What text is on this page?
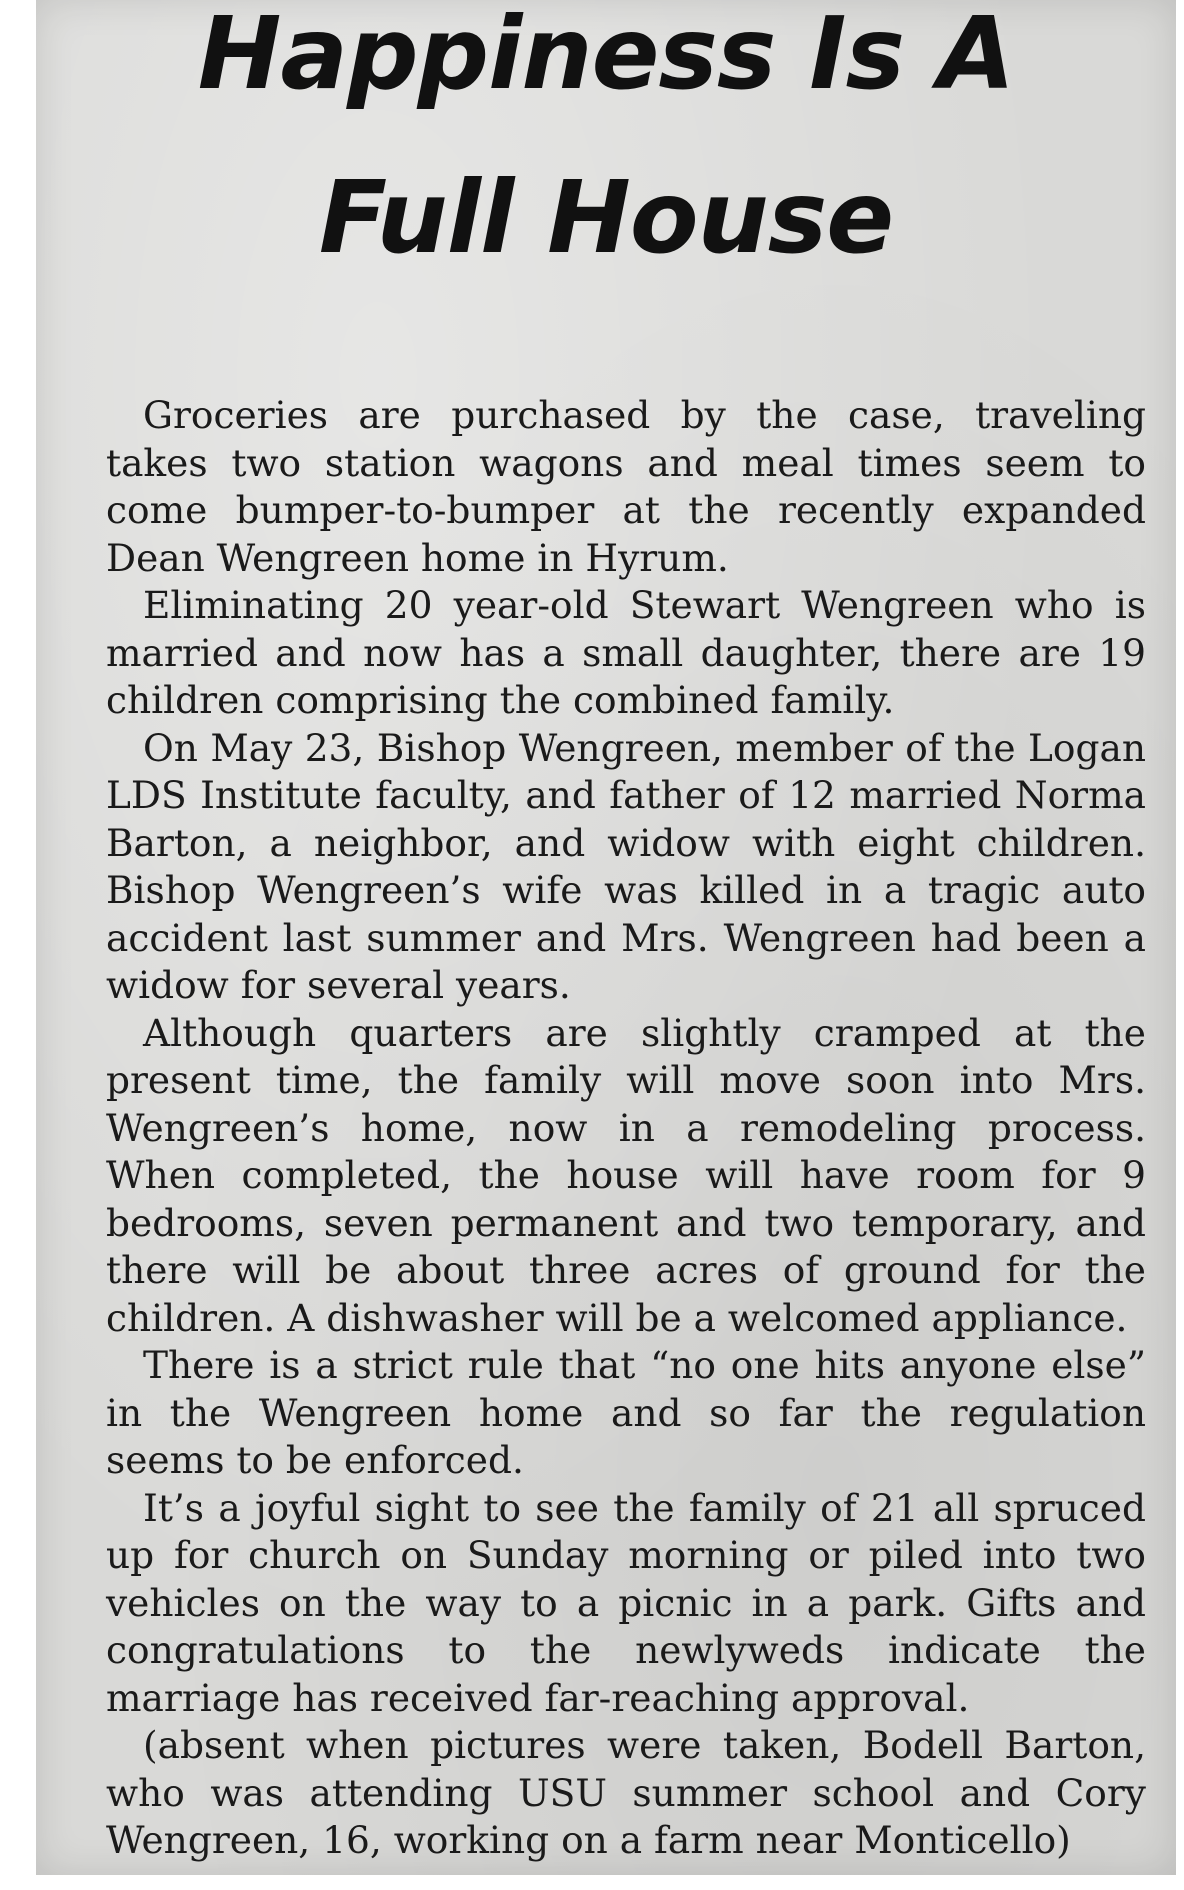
Happiness Is A
Full House

Groceries are purchased by the case, traveling takes two station wagons and meal times seem to come bumper-to-bumper at the recently expanded Dean Wengreen home in Hyrum.

Eliminating 20 year-old Stewart Wengreen who is married and now has a small daughter, there are 19 children comprising the combined family.

On May 23, Bishop Wengreen, member of the Logan LDS Institute faculty, and father of 12 married Norma Barton, a neighbor, and widow with eight children. Bishop Wengreen’s wife was killed in a tragic auto accident last summer and Mrs. Wengreen had been a widow for several years.

Although quarters are slightly cramped at the present time, the family will move soon into Mrs. Wengreen’s home, now in a remodeling process. When completed, the house will have room for 9 bedrooms, seven permanent and two temporary, and there will be about three acres of ground for the children. A dishwasher will be a welcomed appliance.

There is a strict rule that “no one hits anyone else” in the Wengreen home and so far the regulation seems to be enforced.

It’s a joyful sight to see the family of 21 all spruced up for church on Sunday morning or piled into two vehicles on the way to a picnic in a park. Gifts and congratulations to the newlyweds indicate the marriage has received far-reaching approval.

(absent when pictures were taken, Bodell Barton, who was attending USU summer school and Cory Wengreen, 16, working on a farm near Monticello)
